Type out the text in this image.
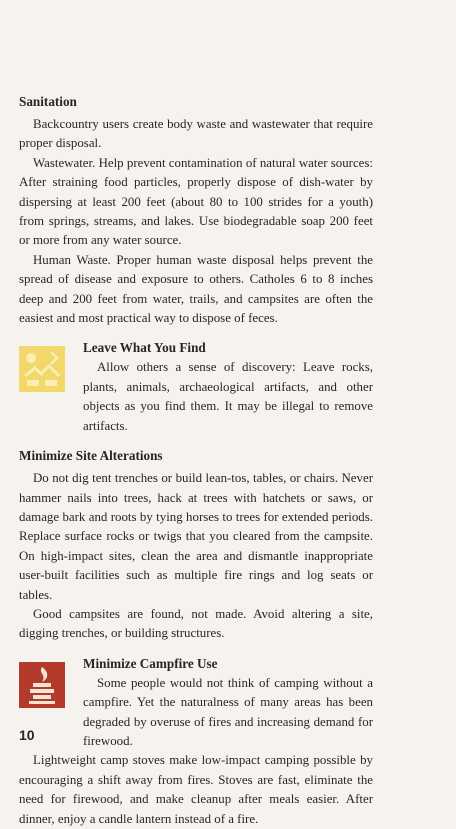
Sanitation

Backcountry users create body waste and wastewater that require proper disposal.

Wastewater. Help prevent contamination of natural water sources: After straining food particles, properly dispose of dish-water by dispersing at least 200 feet (about 80 to 100 strides for a youth) from springs, streams, and lakes. Use biodegradable soap 200 feet or more from any water source.

Human Waste. Proper human waste disposal helps prevent the spread of disease and exposure to others. Catholes 6 to 8 inches deep and 200 feet from water, trails, and campsites are often the easiest and most practical way to dispose of feces.

Leave What You Find

Allow others a sense of discovery: Leave rocks, plants, animals, archaeological artifacts, and other objects as you find them. It may be illegal to remove artifacts.

Minimize Site Alterations

Do not dig tent trenches or build lean-tos, tables, or chairs. Never hammer nails into trees, hack at trees with hatchets or saws, or damage bark and roots by tying horses to trees for extended periods. Replace surface rocks or twigs that you cleared from the campsite. On high-impact sites, clean the area and dismantle inappropriate user-built facilities such as multiple fire rings and log seats or tables.

Good campsites are found, not made. Avoid altering a site, digging trenches, or building structures.

Minimize Campfire Use

Some people would not think of camping without a campfire. Yet the naturalness of many areas has been degraded by overuse of fires and increasing demand for firewood.

Lightweight camp stoves make low-impact camping possible by encouraging a shift away from fires. Stoves are fast, eliminate the need for firewood, and make cleanup after meals easier. After dinner, enjoy a candle lantern instead of a fire.

10
